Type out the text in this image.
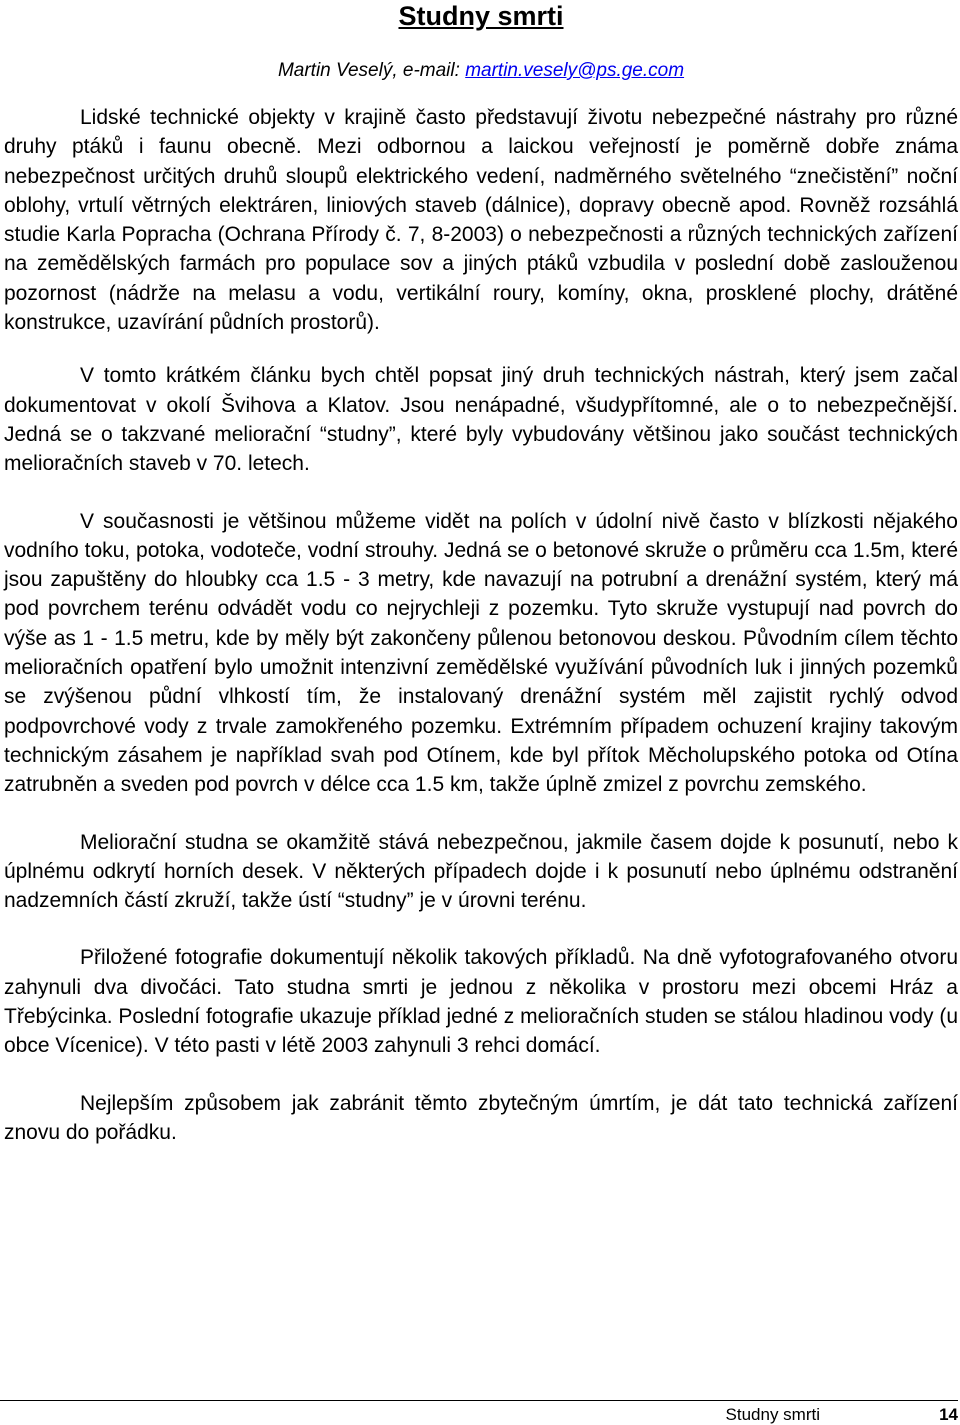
Studny smrti

Martin Veselý, e-mail: martin.vesely@ps.ge.com

Lidské technické objekty v krajině často představují životu nebezpečné nástrahy pro různé druhy ptáků i faunu obecně. Mezi odbornou a laickou veřejností je poměrně dobře známa nebezpečnost určitých druhů sloupů elektrického vedení, nadměrného světelného “znečistění” noční oblohy, vrtulí větrných elektráren, liniových staveb (dálnice), dopravy obecně apod. Rovněž rozsáhlá studie Karla Popracha (Ochrana Přírody č. 7, 8-2003) o nebezpečnosti a různých technických zařízení na zemědělských farmách pro populace sov a jiných ptáků vzbudila v poslední době zaslouženou pozornost (nádrže na melasu a vodu, vertikální roury, komíny, okna, prosklené plochy, drátěné konstrukce, uzavírání půdních prostorů).

V tomto krátkém článku bych chtěl popsat jiný druh technických nástrah, který jsem začal dokumentovat v okolí Švihova a Klatov. Jsou nenápadné, všudypřítomné, ale o to nebezpečnější. Jedná se o takzvané meliorační “studny”, které byly vybudovány většinou jako součást technických melioračních staveb v 70. letech.

V současnosti je většinou můžeme vidět na polích v údolní nivě často v blízkosti nějakého vodního toku, potoka, vodoteče, vodní strouhy. Jedná se o betonové skruže o průměru cca 1.5m, které jsou zapuštěny do hloubky cca 1.5 - 3 metry, kde navazují na potrubní a drenážní systém, který má pod povrchem terénu odvádět vodu co nejrychleji z pozemku. Tyto skruže vystupují nad povrch do výše as 1 - 1.5 metru, kde by měly být zakončeny půlenou betonovou deskou. Původním cílem těchto melioračních opatření bylo umožnit intenzivní zemědělské využívání původních luk i jinných pozemků se zvýšenou půdní vlhkostí tím, že instalovaný drenážní systém měl zajistit rychlý odvod podpovrchové vody z trvale zamokřeného pozemku. Extrémním případem ochuzení krajiny takovým technickým zásahem je například svah pod Otínem, kde byl přítok Měcholupského potoka od Otína zatrubněn a sveden pod povrch v délce cca 1.5 km, takže úplně zmizel z povrchu zemského.

Meliorační studna se okamžitě stává nebezpečnou, jakmile časem dojde k posunutí, nebo k úplnému odkrytí horních desek. V některých případech dojde i k posunutí nebo úplnému odstranění nadzemních částí zkruží, takže ústí “studny” je v úrovni terénu.

Přiložené fotografie dokumentují několik takových příkladů. Na dně vyfotografovaného otvoru zahynuli dva divočáci. Tato studna smrti je jednou z několika v prostoru mezi obcemi Hráz a Třebýcinka. Poslední fotografie ukazuje příklad jedné z melioračních studen se stálou hladinou vody (u obce Vícenice). V této pasti v létě 2003 zahynuli 3 rehci domácí.

Nejlepším způsobem jak zabránit těmto zbytečným úmrtím, je dát tato technická zařízení znovu do pořádku.

Studny smrti	14
